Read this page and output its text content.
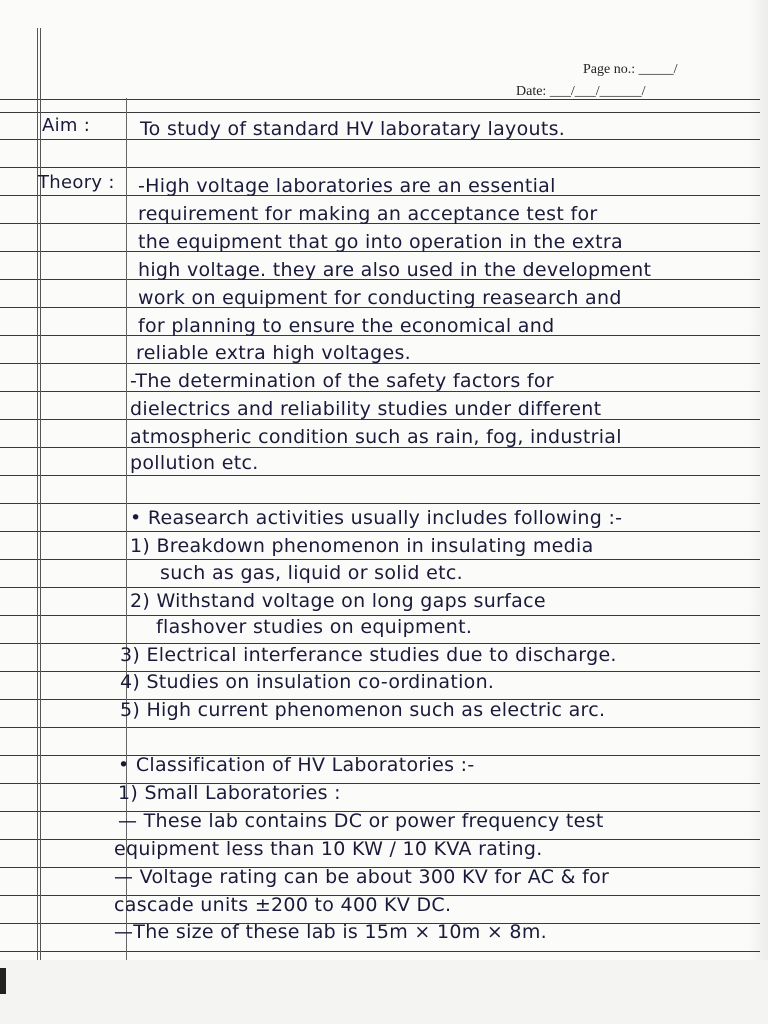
Page no.: _____/
Date: ___/___/______/
Aim :	To study of standard HV laboratary layouts.
Theory : -High voltage laboratories are an essential
requirement for making an acceptance test for
the equipment that go into operation in the extra
high voltage. they are also used in the development
work on equipment for conducting reasearch and
for planning to ensure the economical and
reliable extra high voltages.
-The determination of the safety factors for
dielectrics and reliability studies under different
atmospheric condition such as rain, fog, industrial
pollution etc.
• Reasearch activities usually includes following :-
1) Breakdown phenomenon in insulating media
such as gas, liquid or solid etc.
2) Withstand voltage on long gaps surface
flashover studies on equipment.
3) Electrical interferance studies due to discharge.
4) Studies on insulation co-ordination.
5) High current phenomenon such as electric arc.
• Classification of HV Laboratories :-
1) Small Laboratories :
— These lab contains DC or power frequency test
equipment less than 10 KW / 10 KVA rating.
— Voltage rating can be about 300 KV for AC & for
cascade units ±200 to 400 KV DC.
—The size of these lab is 15m × 10m × 8m.
